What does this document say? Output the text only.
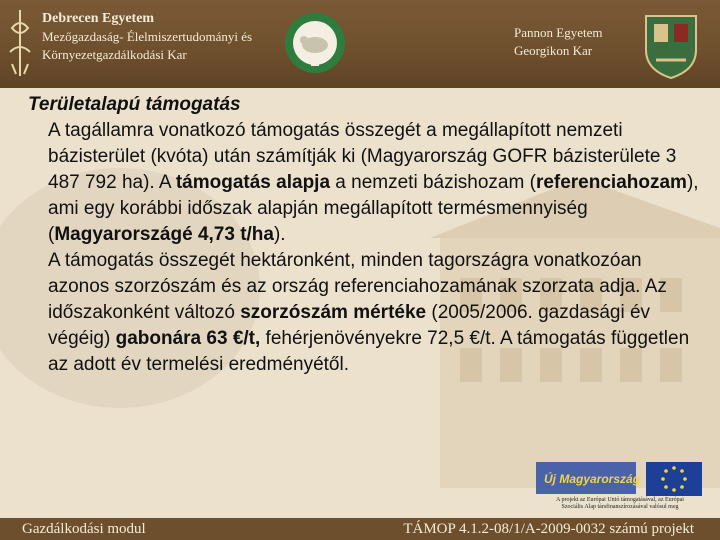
Debrecen Egyetem
Mezőgazdaság- Élelmiszertudományi és
Környezetgazdálkodási Kar
Pannon Egyetem
Georgikon Kar
Területalapú támogatás
A tagállamra vonatkozó támogatás összegét a megállapított nemzeti bázisterület (kvóta) után számítják ki (Magyarország GOFR bázisterülete 3 487 792 ha). A támogatás alapja a nemzeti bázishozam (referenciahozam), ami egy korábbi időszak alapján megállapított termésmennyiség (Magyarországé 4,73 t/ha).
A támogatás összegét hektáronként, minden tagországra vonatkozóan azonos szorzószám és az ország referenciahozamának szorzata adja. Az időszakonként változó szorzószám mértéke (2005/2006. gazdasági év végéig) gabonára 63 €/t, fehérjenövényekre 72,5 €/t. A támogatás független az adott év termelési eredményétől.
Új Magyarország
A projekt az Európai Unió támogatásával, az Európai
Szociális Alap társfinanszírozásával valósul meg
Gazdálkodási modul	TÁMOP 4.1.2-08/1/A-2009-0032 számú projekt
